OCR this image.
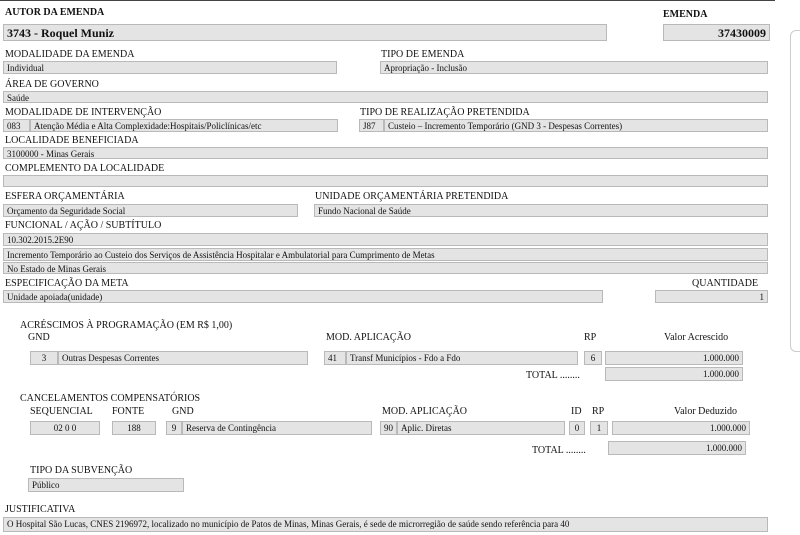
AUTOR DA EMENDA	EMENDA
3743 - Roquel Muniz	37430009
MODALIDADE DA EMENDA
Individual
TIPO DE EMENDA
Apropriação - Inclusão
ÁREA DE GOVERNO
Saúde
MODALIDADE DE INTERVENÇÃO
083	Atenção Média e Alta Complexidade:Hospitais/Policlínicas/etc
TIPO DE REALIZAÇÃO PRETENDIDA
J87	Custeio – Incremento Temporário (GND 3 - Despesas Correntes)
LOCALIDADE BENEFICIADA
3100000 - Minas Gerais
COMPLEMENTO DA LOCALIDADE
ESFERA ORÇAMENTÁRIA
Orçamento da Seguridade Social
UNIDADE ORÇAMENTÁRIA PRETENDIDA
Fundo Nacional de Saúde
FUNCIONAL / AÇÃO / SUBTÍTULO
10.302.2015.2E90
Incremento Temporário ao Custeio dos Serviços de Assistência Hospitalar e Ambulatorial para Cumprimento de Metas
No Estado de Minas Gerais
ESPECIFICAÇÃO DA META	QUANTIDADE
Unidade apoiada(unidade)	1
ACRÉSCIMOS À PROGRAMAÇÃO (EM R$ 1,00)
GND	MOD. APLICAÇÃO	RP	Valor Acrescido
3	Outras Despesas Correntes	41	Transf Municípios - Fdo a Fdo	6	1.000.000
TOTAL ........	1.000.000
CANCELAMENTOS COMPENSATÓRIOS
SEQUENCIAL FONTE	GND	MOD. APLICAÇÃO	ID RP	Valor Deduzido
02 0 0	188	9	Reserva de Contingência	90 Aplic. Diretas	0	1	1.000.000
TOTAL ........	1.000.000
TIPO DA SUBVENÇÃO
Público
JUSTIFICATIVA
O Hospital São Lucas, CNES 2196972, localizado no município de Patos de Minas, Minas Gerais, é sede de microrregião de saúde sendo referência para 40
